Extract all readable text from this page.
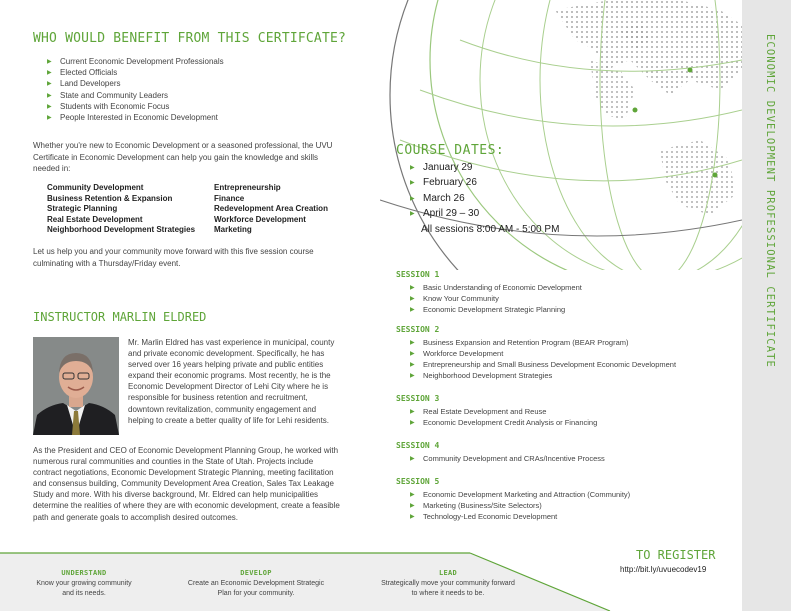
ECONOMIC DEVELOPMENT PROFESSIONAL CERTIFICATE
WHO WOULD BENEFIT FROM THIS CERTIFCATE?
▶ Current Economic Development Professionals
▶ Elected Officials
▶ Land Developers
▶ State and Community Leaders
▶ Students with Economic Focus
▶ People Interested in Economic Development

Whether you're new to Economic Development or a seasoned professional, the UVU Certificate in Economic Development can help you gain the knowledge and skills needed in:

Community Development
Business Retention & Expansion
Strategic Planning
Real Estate Development
Neighborhood Development Strategies
Entrepreneurship
Finance
Redevelopment Area Creation
Workforce Development
Marketing

Let us help you and your community move forward with this five session course culminating with a Thursday/Friday event.

INSTRUCTOR MARLIN ELDRED

Mr. Marlin Eldred has vast experience in municipal, county and private economic development. Specifically, he has served over 16 years helping private and public entities expand their economic programs. Most recently, he is the Economic Development Director of Lehi City where he is responsible for business retention and recruitment, downtown revitalization, community engagement and helping to create a better quality of life for Lehi residents.

As the President and CEO of Economic Development Planning Group, he worked with numerous rural communities and counties in the State of Utah. Projects include contract negotiations, Economic Development Strategic Planning, meeting facilitation and consensus building, Community Development Area Creation, Sales Tax Leakage Study and more. With his diverse background, Mr. Eldred can help municipalities determine the realities of where they are with economic development, create a feasible path and generate goals to accomplish desired outcomes.

COURSE DATES:
▶ January 29
▶ February 26
▶ March 26
▶ April 29 – 30
All sessions 8:00 AM - 5:00 PM
SESSION 1
▶ Basic Understanding of Economic Development
▶ Know Your Community
▶ Economic Development Strategic Planning
SESSION 2
▶ Business Expansion and Retention Program (BEAR Program)
▶ Workforce Development
▶ Entrepreneurship and Small Business Development Economic Development
▶ Neighborhood Development Strategies
SESSION 3
▶ Real Estate Development and Reuse
▶ Economic Development Credit Analysis or Financing
SESSION 4
▶ Community Development and CRAs/Incentive Process
SESSION 5
▶ Economic Development Marketing and Attraction (Community)
▶ Marketing (Business/Site Selectors)
▶ Technology-Led Economic Development
UNDERSTAND
Know your growing community
and its needs.
DEVELOP
Create an Economic Development Strategic
Plan for your community.
LEAD
Strategically move your community forward
to where it needs to be.
TO REGISTER
http://bit.ly/uvuecodev19
